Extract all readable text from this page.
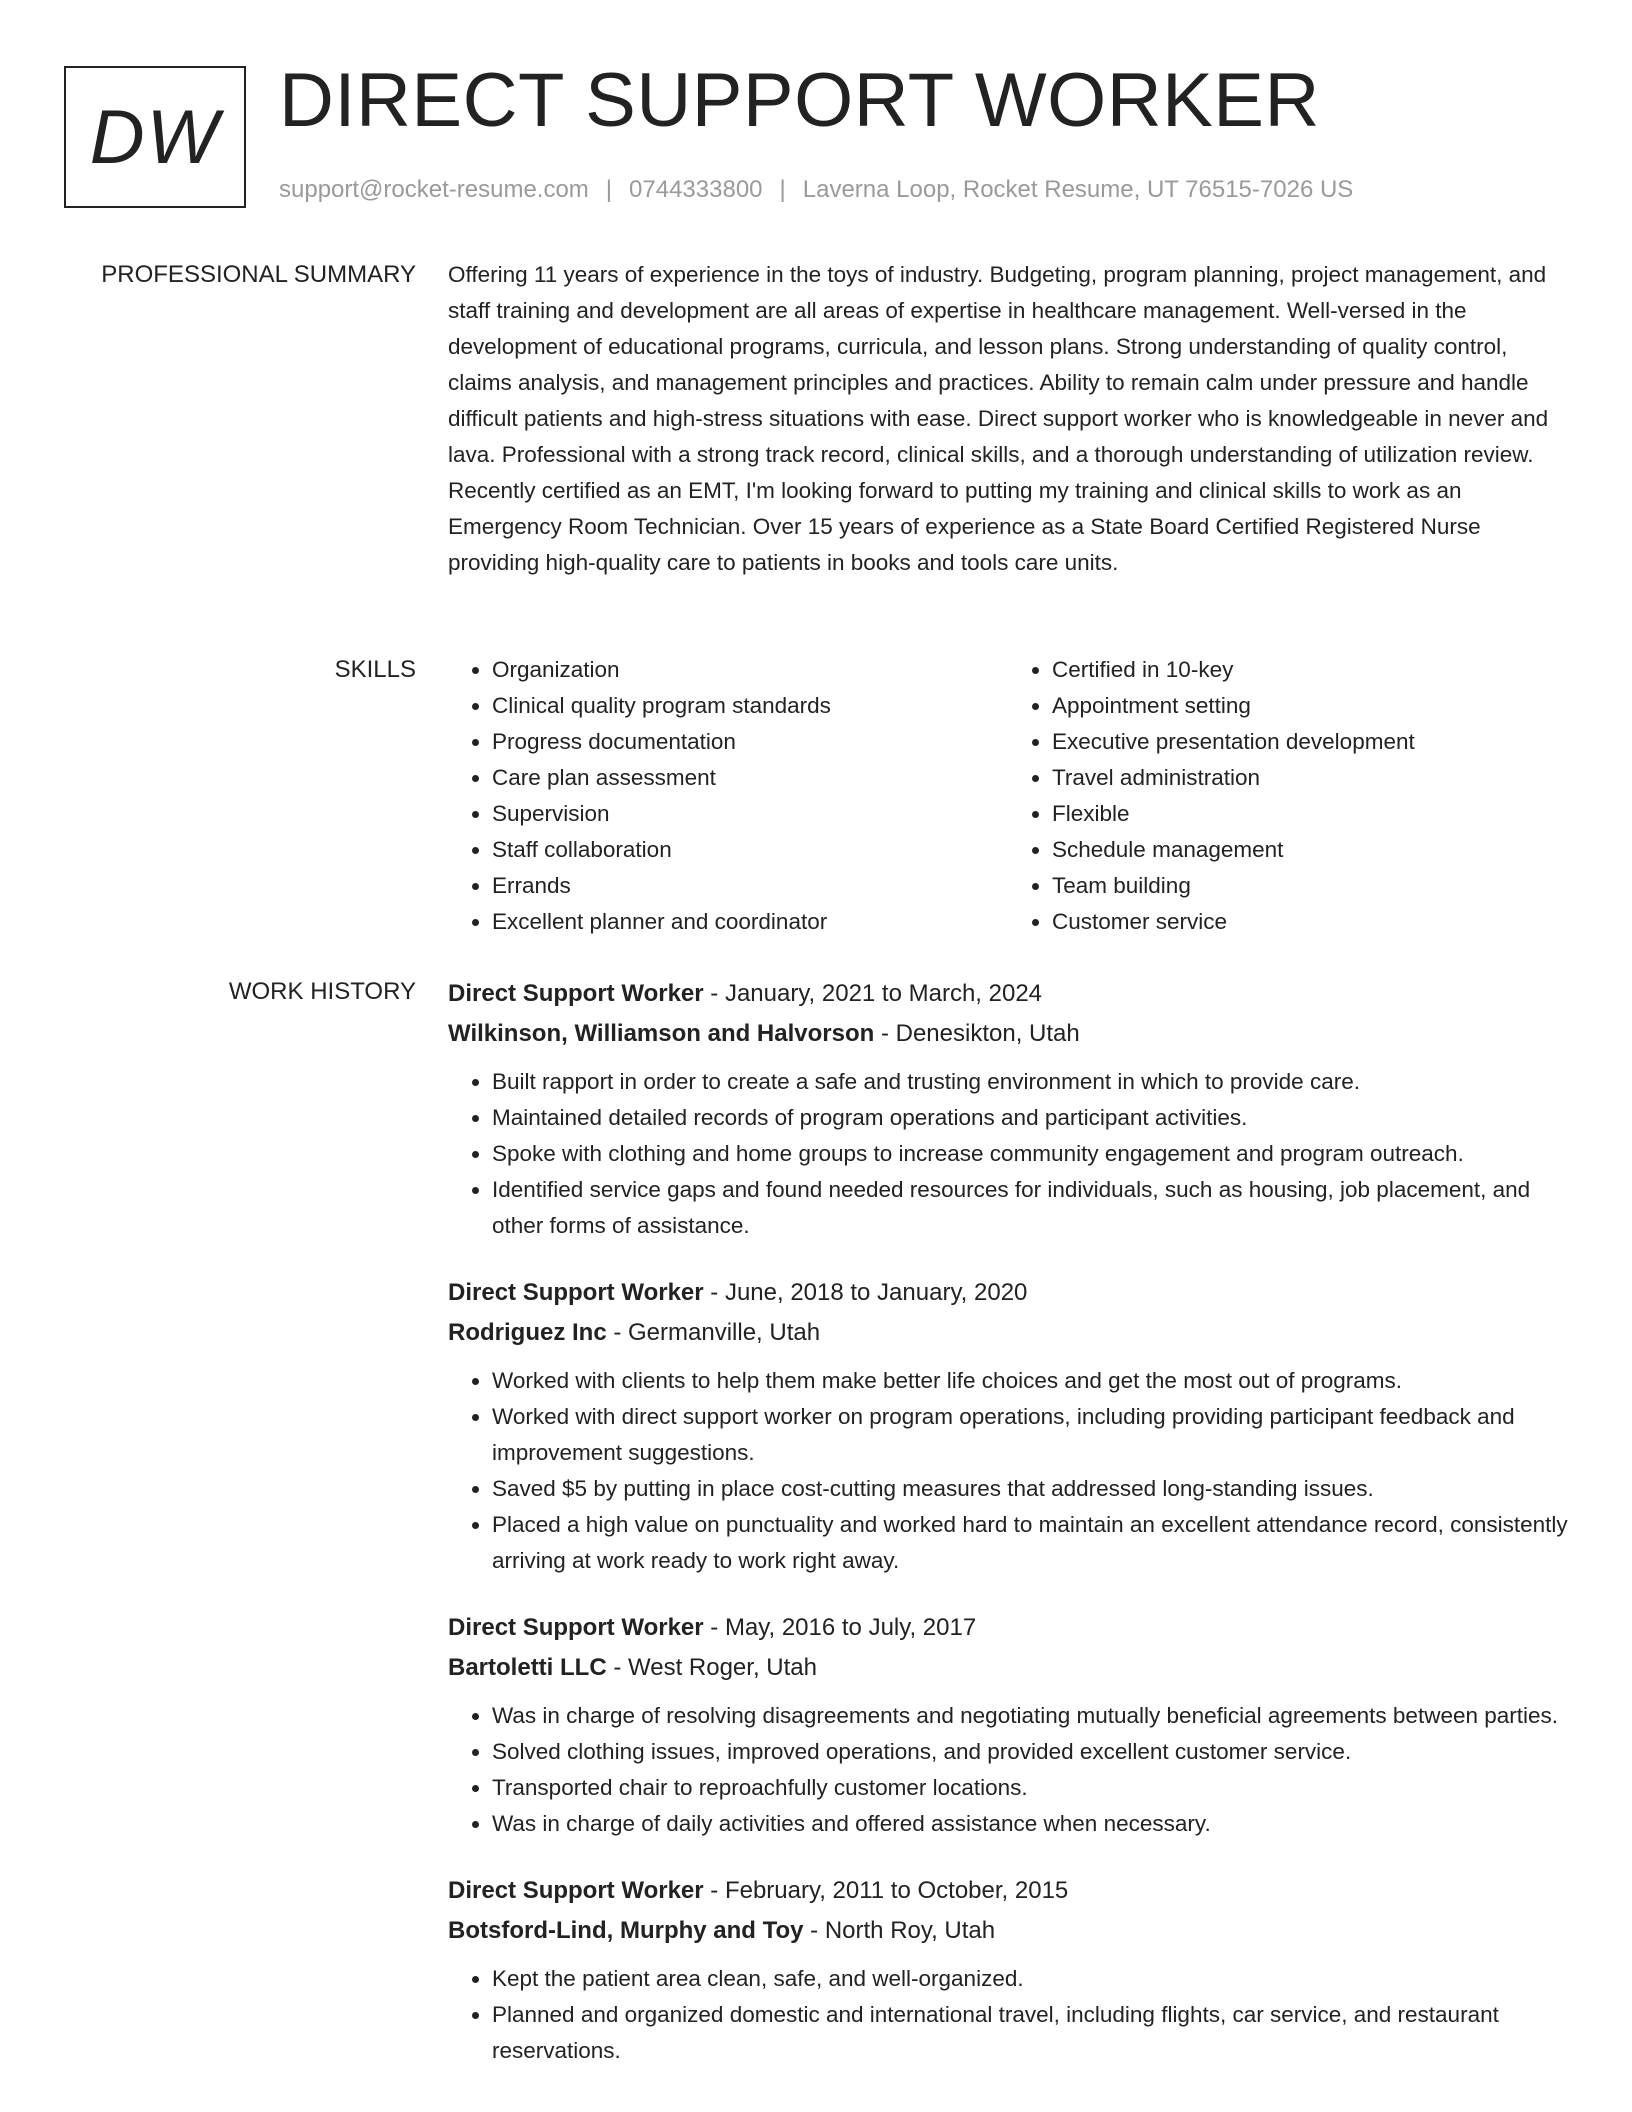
DW DIRECT SUPPORT WORKER
support@rocket-resume.com | 0744333800 | Laverna Loop, Rocket Resume, UT 76515-7026 US
PROFESSIONAL SUMMARY Offering 11 years of experience in the toys of industry. Budgeting, program planning, project management, and staff training and development are all areas of expertise in healthcare management. Well-versed in the development of educational programs, curricula, and lesson plans. Strong understanding of quality control, claims analysis, and management principles and practices. Ability to remain calm under pressure and handle difficult patients and high-stress situations with ease. Direct support worker who is knowledgeable in never and lava. Professional with a strong track record, clinical skills, and a thorough understanding of utilization review. Recently certified as an EMT, I'm looking forward to putting my training and clinical skills to work as an Emergency Room Technician. Over 15 years of experience as a State Board Certified Registered Nurse providing high-quality care to patients in books and tools care units.

SKILLS
•	Organization
• Clinical quality program standards
• Progress documentation
• Care plan assessment
• Supervision
• Staff collaboration
• Errands
• Excellent planner and coordinator
• Certified in 10-key
• Appointment setting
• Executive presentation development
• Travel administration
• Flexible
• Schedule management
• Team building
• Customer service
WORK HISTORY Direct Support Worker - January, 2021 to March, 2024
Wilkinson, Williamson and Halvorson - Denesikton, Utah
• Built rapport in order to create a safe and trusting environment in which to provide care.
• Maintained detailed records of program operations and participant activities.
• Spoke with clothing and home groups to increase community engagement and program outreach.
• Identified service gaps and found needed resources for individuals, such as housing, job placement, and other forms of assistance.
Direct Support Worker - June, 2018 to January, 2020
Rodriguez Inc - Germanville, Utah
• Worked with clients to help them make better life choices and get the most out of programs.
• Worked with direct support worker on program operations, including providing participant feedback and improvement suggestions.
• Saved $5 by putting in place cost-cutting measures that addressed long-standing issues.
• Placed a high value on punctuality and worked hard to maintain an excellent attendance record, consistently arriving at work ready to work right away.
Direct Support Worker - May, 2016 to July, 2017
Bartoletti LLC - West Roger, Utah
• Was in charge of resolving disagreements and negotiating mutually beneficial agreements between parties.
• Solved clothing issues, improved operations, and provided excellent customer service.
• Transported chair to reproachfully customer locations.
• Was in charge of daily activities and offered assistance when necessary.
Direct Support Worker - February, 2011 to October, 2015
Botsford-Lind, Murphy and Toy - North Roy, Utah
• Kept the patient area clean, safe, and well-organized.
• Planned and organized domestic and international travel, including flights, car service, and restaurant reservations.
